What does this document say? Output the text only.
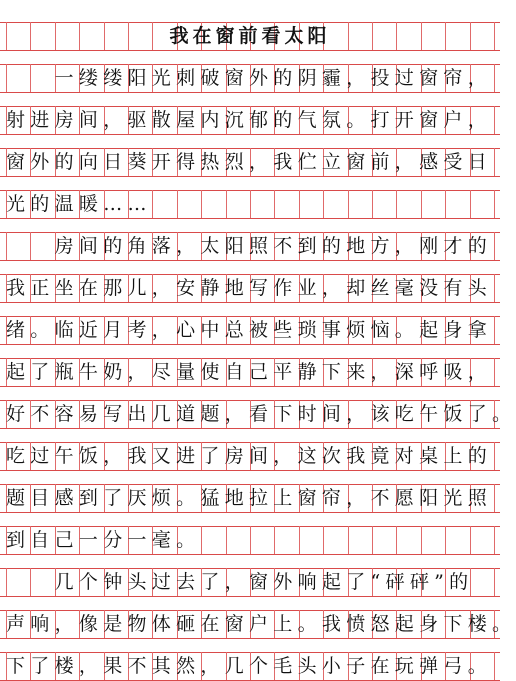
我在窗前看太阳
　　一缕缕阳光刺破窗外的阴霾，投过窗帘，
射进房间，驱散屋内沉郁的气氛。打开窗户，
窗外的向日葵开得热烈，我伫立窗前，感受日
光的温暖……
　　房间的角落，太阳照不到的地方，刚才的
我正坐在那儿，安静地写作业，却丝毫没有头
绪。临近月考，心中总被些琐事烦恼。起身拿
起了瓶牛奶，尽量使自己平静下来，深呼吸，
好不容易写出几道题，看下时间，该吃午饭了。
吃过午饭，我又进了房间，这次我竟对桌上的
题目感到了厌烦。猛地拉上窗帘，不愿阳光照
到自己一分一毫。
　　几个钟头过去了，窗外响起了“砰砰”的
声响，像是物体砸在窗户上。我愤怒起身下楼。
下了楼，果不其然，几个毛头小子在玩弹弓。
